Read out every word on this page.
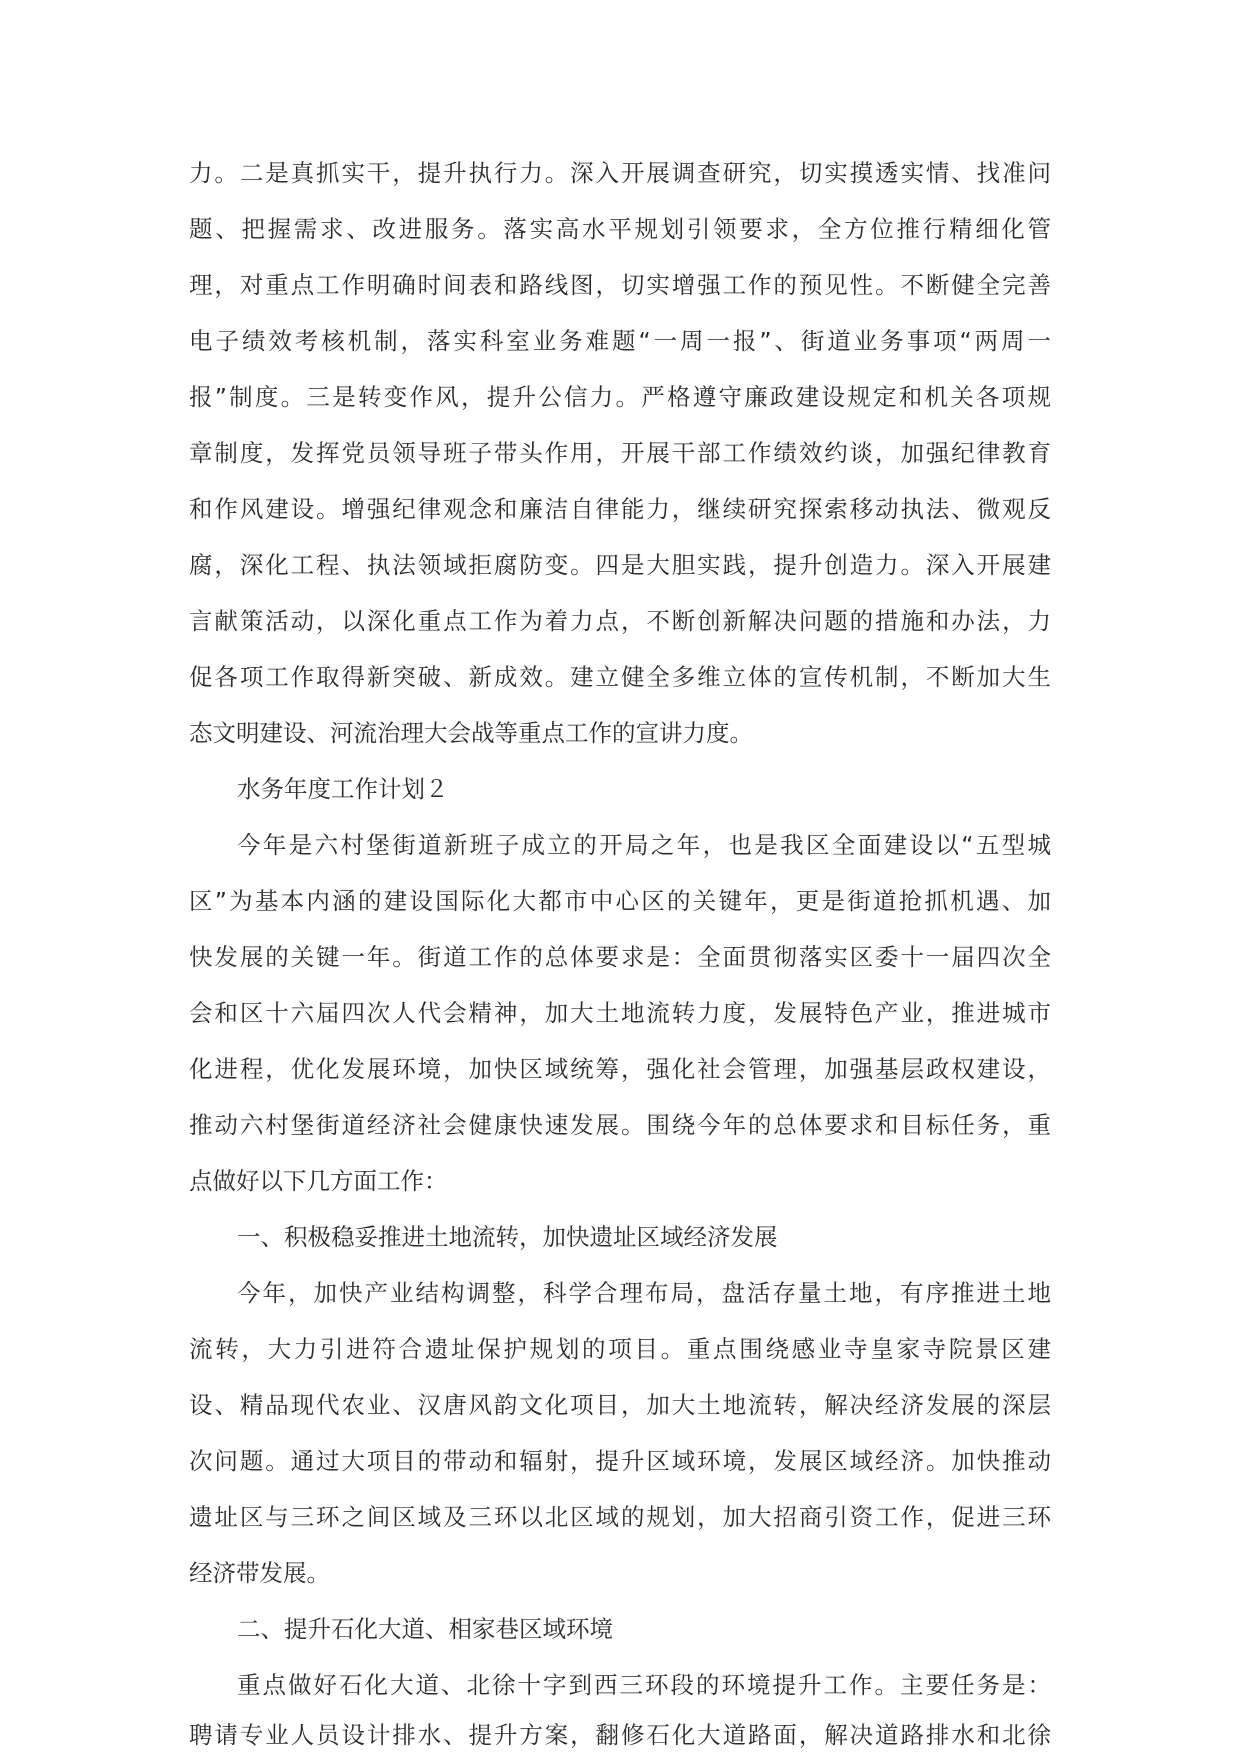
力。二是真抓实干，提升执行力。深入开展调查研究，切实摸透实情、找准问
题、把握需求、改进服务。落实高水平规划引领要求，全方位推行精细化管
理，对重点工作明确时间表和路线图，切实增强工作的预见性。不断健全完善
电子绩效考核机制，落实科室业务难题“一周一报”、街道业务事项“两周一
报”制度。三是转变作风，提升公信力。严格遵守廉政建设规定和机关各项规
章制度，发挥党员领导班子带头作用，开展干部工作绩效约谈，加强纪律教育
和作风建设。增强纪律观念和廉洁自律能力，继续研究探索移动执法、微观反
腐，深化工程、执法领域拒腐防变。四是大胆实践，提升创造力。深入开展建
言献策活动，以深化重点工作为着力点，不断创新解决问题的措施和办法，力
促各项工作取得新突破、新成效。建立健全多维立体的宣传机制，不断加大生
态文明建设、河流治理大会战等重点工作的宣讲力度。
水务年度工作计划２
今年是六村堡街道新班子成立的开局之年，也是我区全面建设以“五型城
区”为基本内涵的建设国际化大都市中心区的关键年，更是街道抢抓机遇、加
快发展的关键一年。街道工作的总体要求是：全面贯彻落实区委十一届四次全
会和区十六届四次人代会精神，加大土地流转力度，发展特色产业，推进城市
化进程，优化发展环境，加快区域统筹，强化社会管理，加强基层政权建设，
推动六村堡街道经济社会健康快速发展。围绕今年的总体要求和目标任务，重
点做好以下几方面工作：
一、积极稳妥推进土地流转，加快遗址区域经济发展
今年，加快产业结构调整，科学合理布局，盘活存量土地，有序推进土地
流转，大力引进符合遗址保护规划的项目。重点围绕感业寺皇家寺院景区建
设、精品现代农业、汉唐风韵文化项目，加大土地流转，解决经济发展的深层
次问题。通过大项目的带动和辐射，提升区域环境，发展区域经济。加快推动
遗址区与三环之间区域及三环以北区域的规划，加大招商引资工作，促进三环
经济带发展。
二、提升石化大道、相家巷区域环境
重点做好石化大道、北徐十字到西三环段的环境提升工作。主要任务是：
聘请专业人员设计排水、提升方案，翻修石化大道路面，解决道路排水和北徐
